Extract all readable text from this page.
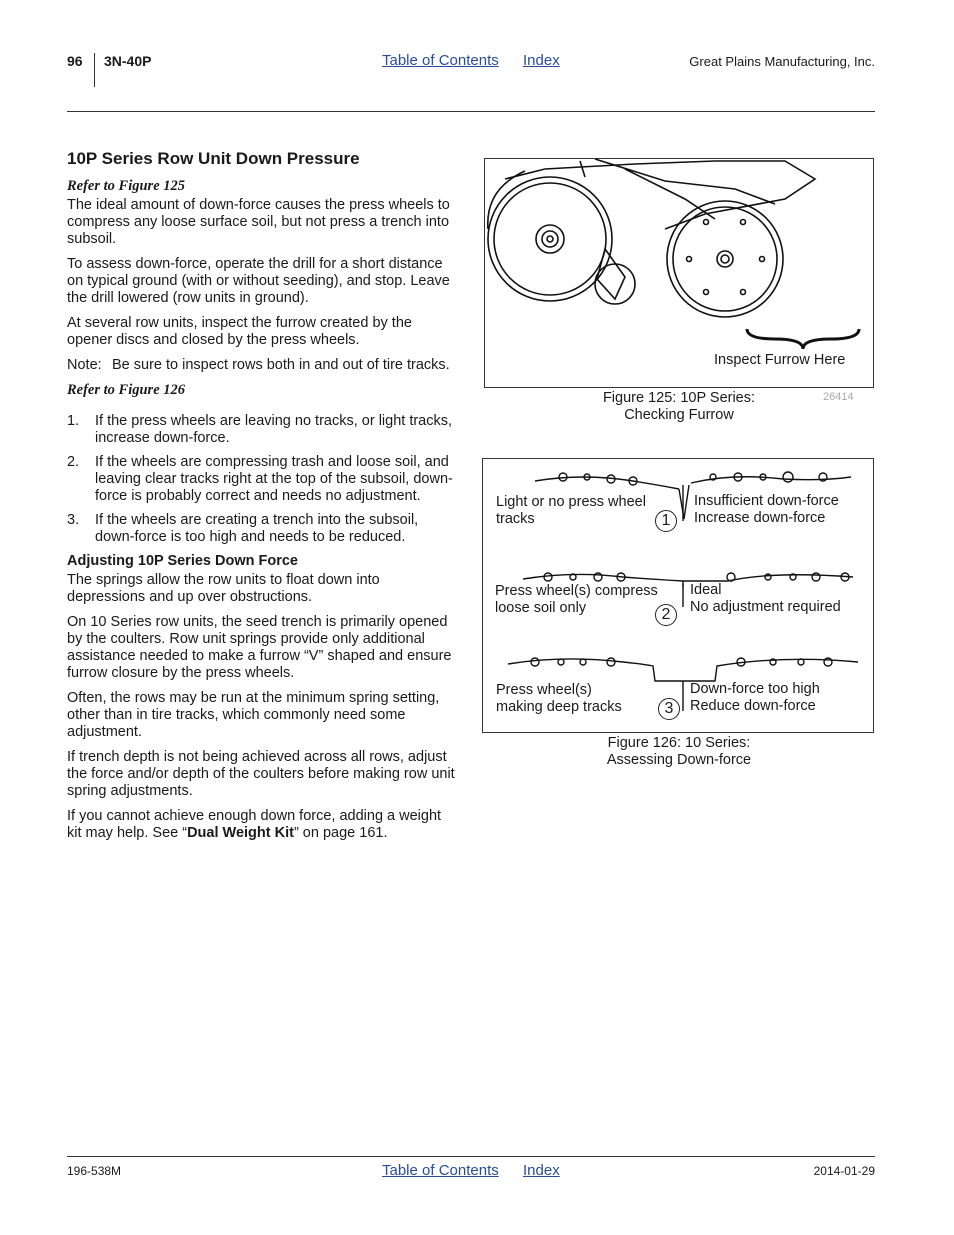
96 3N-40P	Table of Contents Index	Great Plains Manufacturing, Inc.
10P Series Row Unit Down Pressure

Refer to Figure 125

The ideal amount of down-force causes the press wheels to compress any loose surface soil, but not press a trench into subsoil.

To assess down-force, operate the drill for a short distance on typical ground (with or without seeding), and stop. Leave the drill lowered (row units in ground).

At several row units, inspect the furrow created by the opener discs and closed by the press wheels.

Note: Be sure to inspect rows both in and out of tire tracks.

Refer to Figure 126

1.	If the press wheels are leaving no tracks, or light tracks, increase down-force.
2.	If the wheels are compressing trash and loose soil, and leaving clear tracks right at the top of the subsoil, down-force is probably correct and needs no adjustment.
3.	If the wheels are creating a trench into the subsoil, down-force is too high and needs to be reduced.
Adjusting 10P Series Down Force

The springs allow the row units to float down into depressions and up over obstructions.

On 10 Series row units, the seed trench is primarily opened by the coulters. Row unit springs provide only additional assistance needed to make a furrow “V” shaped and ensure furrow closure by the press wheels.

Often, the rows may be run at the minimum spring setting, other than in tire tracks, which commonly need some adjustment.

If trench depth is not being achieved across all rows, adjust the force and/or depth of the coulters before making row unit spring adjustments.

If you cannot achieve enough down force, adding a weight kit may help. See “Dual Weight Kit” on page 161.

Inspect Furrow Here
Figure 125: 10P Series:
Checking Furrow
26414
Light or no press wheel
tracks	1
Insufficient down-force
Increase down-force
Press wheel(s) compress
loose soil only	2
Ideal
No adjustment required
Press wheel(s)
making deep tracks	3
Down-force too high
Reduce down-force
Figure 126: 10 Series:
Assessing Down-force
196-538M	Table of Contents Index	2014-01-29
